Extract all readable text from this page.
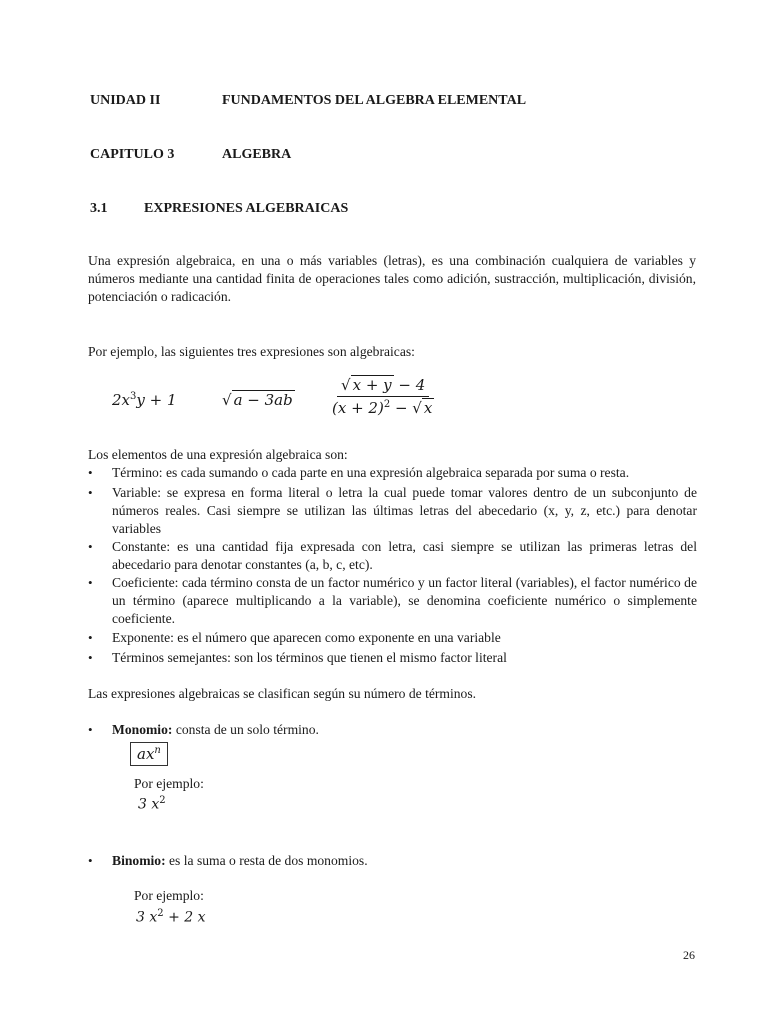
UNIDAD II	FUNDAMENTOS DEL ALGEBRA ELEMENTAL
CAPITULO 3	ALGEBRA
3.1	EXPRESIONES ALGEBRAICAS
Una expresión algebraica, en una o más variables (letras), es una combinación cualquiera de variables y números mediante una cantidad finita de operaciones tales como adición, sustracción, multiplicación, división, potenciación o radicación.
Por ejemplo, las siguientes tres expresiones son algebraicas:
$2x^3y + 1$	√ $a - 3ab \frac{√ x + y - 4}{(x + 2)^2 - √ x}$
Los elementos de una expresión algebraica son:
• Término: es cada sumando o cada parte en una expresión algebraica separada por suma o resta.
• Variable: se expresa en forma literal o letra la cual puede tomar valores dentro de un subconjunto de números reales. Casi siempre se utilizan las últimas letras del abecedario (x, y, z, etc.) para denotar variables
• Constante: es una cantidad fija expresada con letra, casi siempre se utilizan las primeras letras del abecedario para denotar constantes (a, b, c, etc).
• Coeficiente: cada término consta de un factor numérico y un factor literal (variables), el factor numérico de un término (aparece multiplicando a la variable), se denomina coeficiente numérico o simplemente coeficiente.
• Exponente: es el número que aparecen como exponente en una variable
• Términos semejantes: son los términos que tienen el mismo factor literal
Las expresiones algebraicas se clasifican según su número de términos.
• Monomio: consta de un solo término.
$ax^n$
Por ejemplo:
3 $x^2$
• Binomio: es la suma o resta de dos monomios.
Por ejemplo:
3 $x^2 + 2$ x
26
